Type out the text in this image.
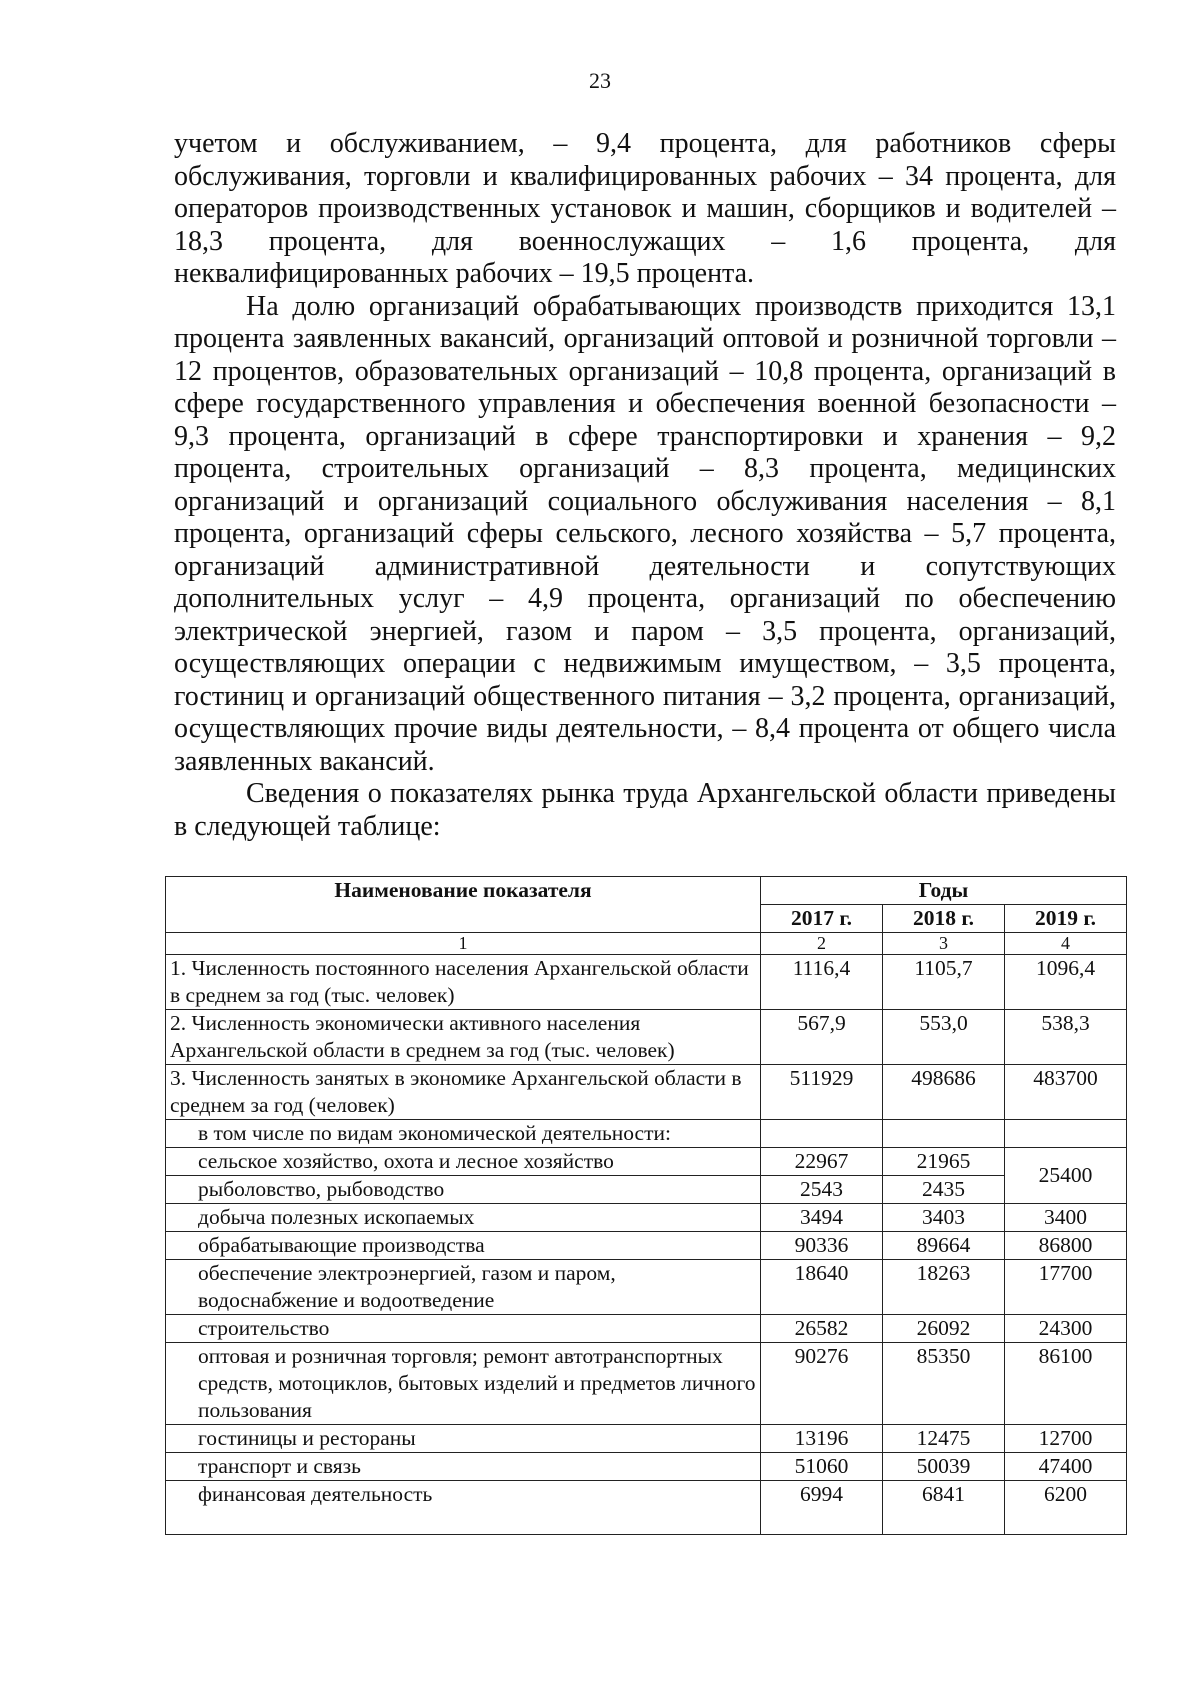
23

учетом и обслуживанием, – 9,4 процента, для работников сферы обслуживания, торговли и квалифицированных рабочих – 34 процента, для операторов производственных установок и машин, сборщиков и водителей – 18,3 процента, для военнослужащих – 1,6 процента, для неквалифицированных рабочих – 19,5 процента.

На долю организаций обрабатывающих производств приходится 13,1 процента заявленных вакансий, организаций оптовой и розничной торговли – 12 процентов, образовательных организаций – 10,8 процента, организаций в сфере государственного управления и обеспечения военной безопасности – 9,3 процента, организаций в сфере транспортировки и хранения – 9,2 процента, строительных организаций – 8,3 процента, медицинских организаций и организаций социального обслуживания населения – 8,1 процента, организаций сферы сельского, лесного хозяйства – 5,7 процента, организаций административной деятельности и сопутствующих дополнительных услуг – 4,9 процента, организаций по обеспечению электрической энергией, газом и паром – 3,5 процента, организаций, осуществляющих операции с недвижимым имуществом, – 3,5 процента, гостиниц и организаций общественного питания – 3,2 процента, организаций, осуществляющих прочие виды деятельности, – 8,4 процента от общего числа заявленных вакансий.

Сведения о показателях рынка труда Архангельской области приведены в следующей таблице:

Наименование показателя	Годы		
	2017 г.	2018 г.	2019 г.
1	2	3	4
1. Численность постоянного населения Архангельской области в среднем за год (тыс. человек)	1116,4	1105,7	1096,4
2. Численность экономически активного населения Архангельской области в среднем за год (тыс. человек)	567,9	553,0	538,3
3. Численность занятых в экономике Архангельской области в среднем за год (человек)	511929	498686	483700
в том числе по видам экономической деятельности:			
сельское хозяйство, охота и лесное хозяйство	22967	21965	25400
рыболовство, рыбоводство	2543	2435	
добыча полезных ископаемых	3494	3403	3400
обрабатывающие производства	90336	89664	86800
обеспечение электроэнергией, газом и паром, водоснабжение и водоотведение	18640	18263	17700
строительство	26582	26092	24300
оптовая и розничная торговля; ремонт автотранспортных средств, мотоциклов, бытовых изделий и предметов личного пользования	90276	85350	86100
гостиницы и рестораны	13196	12475	12700
транспорт и связь	51060	50039	47400
финансовая деятельность	6994	6841	6200
